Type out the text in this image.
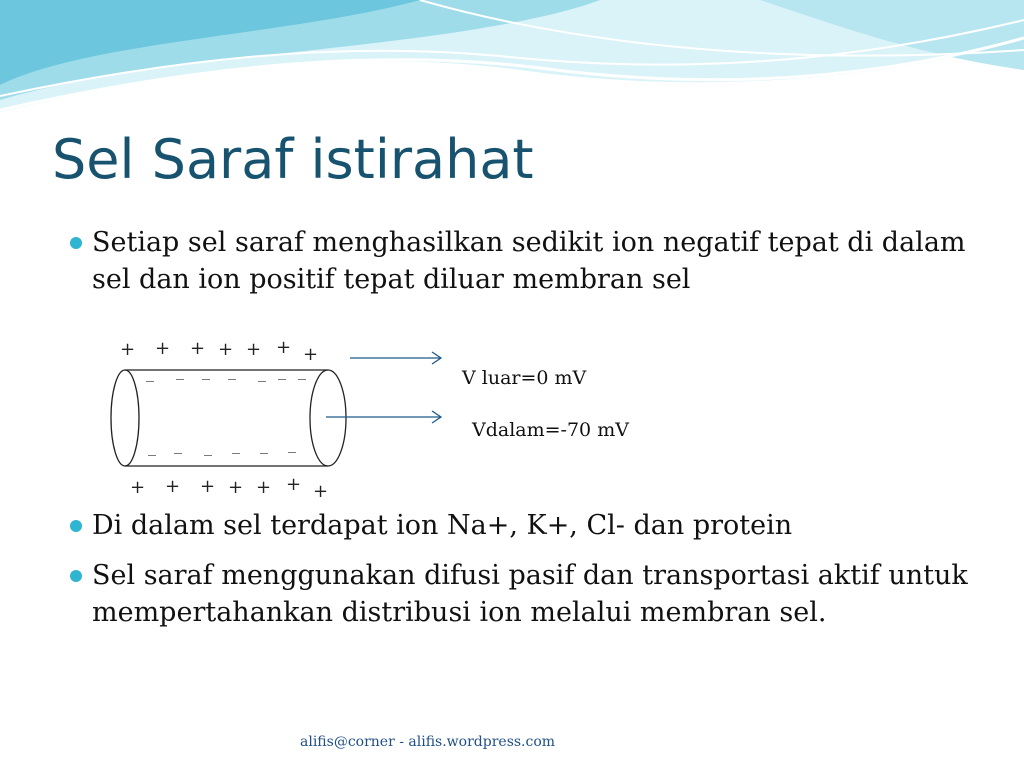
Sel Saraf istirahat
Setiap sel saraf menghasilkan sedikit ion negatif tepat di dalam sel dan ion positif tepat diluar membran sel
+ + + + + + +
_ _ _ _ _ _ _
_ _ _ _ _ _
+ + + + + + +
V luar=0 mV
Vdalam=-70 mV
Di dalam sel terdapat ion Na+, K+, Cl- dan protein
Sel saraf menggunakan difusi pasif dan transportasi aktif untuk mempertahankan distribusi ion melalui membran sel.
alifis@corner - alifis.wordpress.com
